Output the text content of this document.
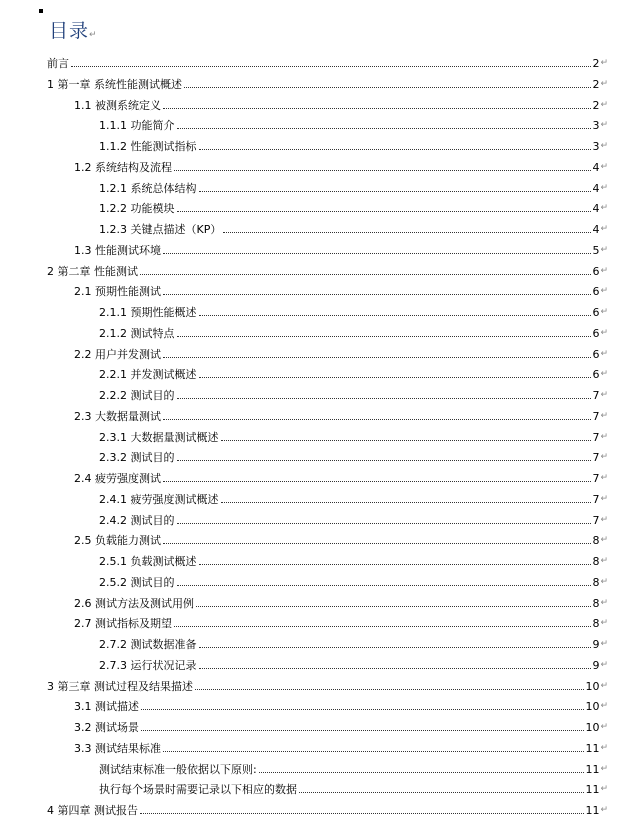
目录↵
前言	2 ↵
1 第一章 系统性能测试概述	2 ↵
1.1 被测系统定义	2 ↵
1.1.1 功能简介	3 ↵
1.1.2 性能测试指标	3 ↵
1.2 系统结构及流程	4 ↵
1.2.1 系统总体结构	4 ↵
1.2.2 功能模块	4 ↵
1.2.3 关键点描述（KP）	4 ↵
1.3 性能测试环境	5 ↵
2 第二章 性能测试	6 ↵
2.1 预期性能测试	6 ↵
2.1.1 预期性能概述	6 ↵
2.1.2 测试特点	6 ↵
2.2 用户并发测试	6 ↵
2.2.1 并发测试概述	6 ↵
2.2.2 测试目的	7 ↵
2.3 大数据量测试	7 ↵
2.3.1 大数据量测试概述	7 ↵
2.3.2 测试目的	7 ↵
2.4 疲劳强度测试	7 ↵
2.4.1 疲劳强度测试概述	7 ↵
2.4.2 测试目的	7 ↵
2.5 负载能力测试	8 ↵
2.5.1 负载测试概述	8 ↵
2.5.2 测试目的	8 ↵
2.6 测试方法及测试用例	8 ↵
2.7 测试指标及期望	8 ↵
2.7.2 测试数据准备	9 ↵
2.7.3 运行状况记录	9 ↵
3 第三章 测试过程及结果描述	10 ↵
3.1 测试描述	10 ↵
3.2 测试场景	10 ↵
3.3 测试结果标准	11 ↵
测试结束标准一般依据以下原则:	11 ↵
执行每个场景时需要记录以下相应的数据	11 ↵
4 第四章 测试报告	11 ↵
